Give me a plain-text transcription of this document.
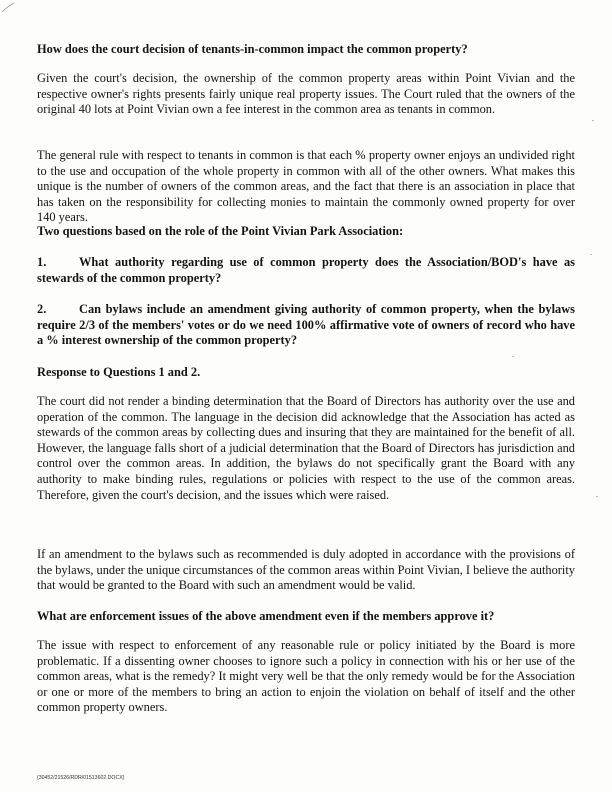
How does the court decision of tenants-in-common impact the common property?

Given the court's decision, the ownership of the common property areas within Point Vivian and the respective owner's rights presents fairly unique real property issues. The Court ruled that the owners of the original 40 lots at Point Vivian own a fee interest in the common area as tenants in common.

The general rule with respect to tenants in common is that each % property owner enjoys an undivided right to the use and occupation of the whole property in common with all of the other owners. What makes this unique is the number of owners of the common areas, and the fact that there is an association in place that has taken on the responsibility for collecting monies to maintain the commonly owned property for over 140 years.

Two questions based on the role of the Point Vivian Park Association:

1.	What authority regarding use of common property does the Association/BOD's have as stewards of the common property?

2.	Can bylaws include an amendment giving authority of common property, when the bylaws require 2/3 of the members' votes or do we need 100% affirmative vote of owners of record who have a % interest ownership of the common property?

Response to Questions 1 and 2.

The court did not render a binding determination that the Board of Directors has authority over the use and operation of the common. The language in the decision did acknowledge that the Association has acted as stewards of the common areas by collecting dues and insuring that they are maintained for the benefit of all. However, the language falls short of a judicial determination that the Board of Directors has jurisdiction and control over the common areas. In addition, the bylaws do not specifically grant the Board with any authority to make binding rules, regulations or policies with respect to the use of the common areas. Therefore, given the court's decision, and the issues which were raised.

If an amendment to the bylaws such as recommended is duly adopted in accordance with the provisions of the bylaws, under the unique circumstances of the common areas within Point Vivian, I believe the authority that would be granted to the Board with such an amendment would be valid.

What are enforcement issues of the above amendment even if the members approve it?

The issue with respect to enforcement of any reasonable rule or policy initiated by the Board is more problematic. If a dissenting owner chooses to ignore such a policy in connection with his or her use of the common areas, what is the remedy? It might very well be that the only remedy would be for the Association or one or more of the members to bring an action to enjoin the violation on behalf of itself and the other common property owners.

{30452/21526/RDR/01513602.DOCX}
